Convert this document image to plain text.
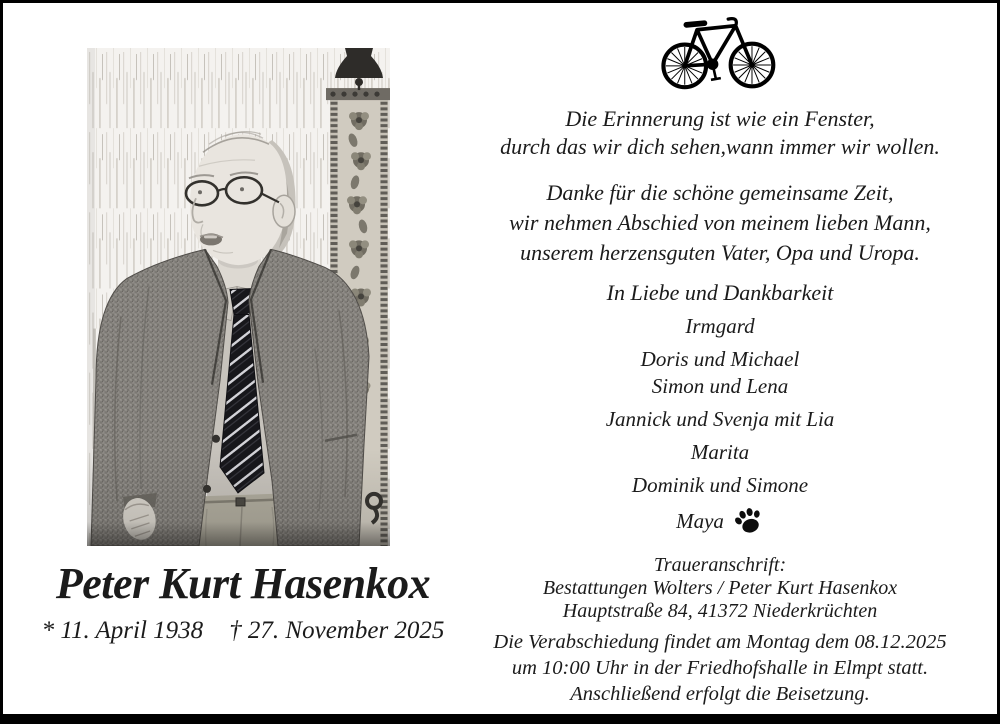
Peter Kurt Hasenkox
* 11. April 1938 † 27. November 2025
Die Erinnerung ist wie ein Fenster,
durch das wir dich sehen,wann immer wir wollen.
Danke für die schöne gemeinsame Zeit,
wir nehmen Abschied von meinem lieben Mann,
unserem herzensguten Vater, Opa und Uropa.
In Liebe und Dankbarkeit
Irmgard
Doris und Michael
Simon und Lena
Jannick und Svenja mit Lia
Marita
Dominik und Simone
Maya
Traueranschrift:
Bestattungen Wolters / Peter Kurt Hasenkox
Hauptstraße 84, 41372 Niederkrüchten
Die Verabschiedung findet am Montag dem 08.12.2025
um 10:00 Uhr in der Friedhofshalle in Elmpt statt.
Anschließend erfolgt die Beisetzung.
